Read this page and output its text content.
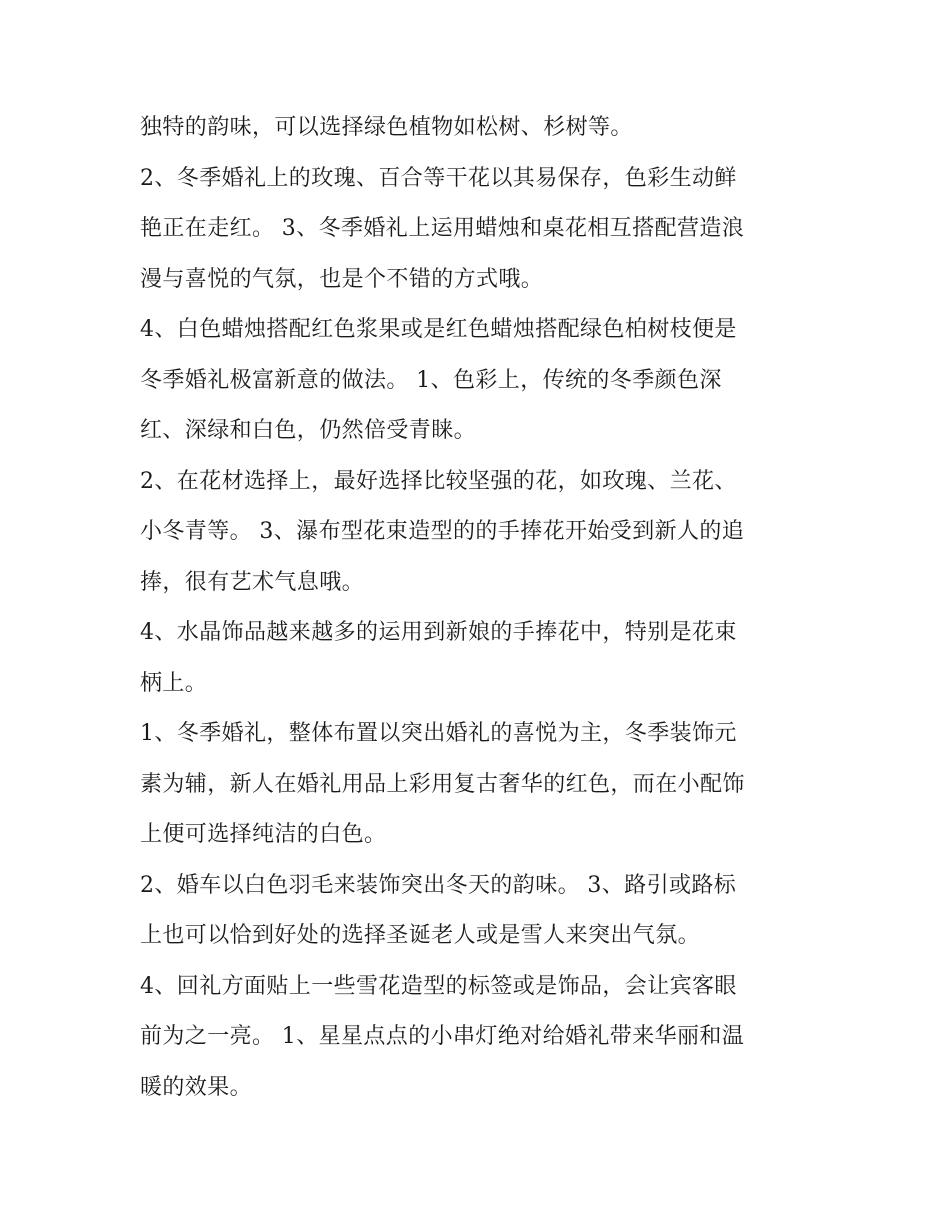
独特的韵味，可以选择绿色植物如松树、杉树等。
2、冬季婚礼上的玫瑰、百合等干花以其易保存，色彩生动鲜
艳正在走红。 3、冬季婚礼上运用蜡烛和桌花相互搭配营造浪
漫与喜悦的气氛，也是个不错的方式哦。
4、白色蜡烛搭配红色浆果或是红色蜡烛搭配绿色柏树枝便是
冬季婚礼极富新意的做法。 1、色彩上，传统的冬季颜色深
红、深绿和白色，仍然倍受青睐。
2、在花材选择上，最好选择比较坚强的花，如玫瑰、兰花、
小冬青等。 3、瀑布型花束造型的的手捧花开始受到新人的追
捧，很有艺术气息哦。
4、水晶饰品越来越多的运用到新娘的手捧花中，特别是花束
柄上。
1、冬季婚礼，整体布置以突出婚礼的喜悦为主，冬季装饰元
素为辅，新人在婚礼用品上彩用复古奢华的红色，而在小配饰
上便可选择纯洁的白色。
2、婚车以白色羽毛来装饰突出冬天的韵味。 3、路引或路标
上也可以恰到好处的选择圣诞老人或是雪人来突出气氛。
4、回礼方面贴上一些雪花造型的标签或是饰品，会让宾客眼
前为之一亮。 1、星星点点的小串灯绝对给婚礼带来华丽和温
暖的效果。
